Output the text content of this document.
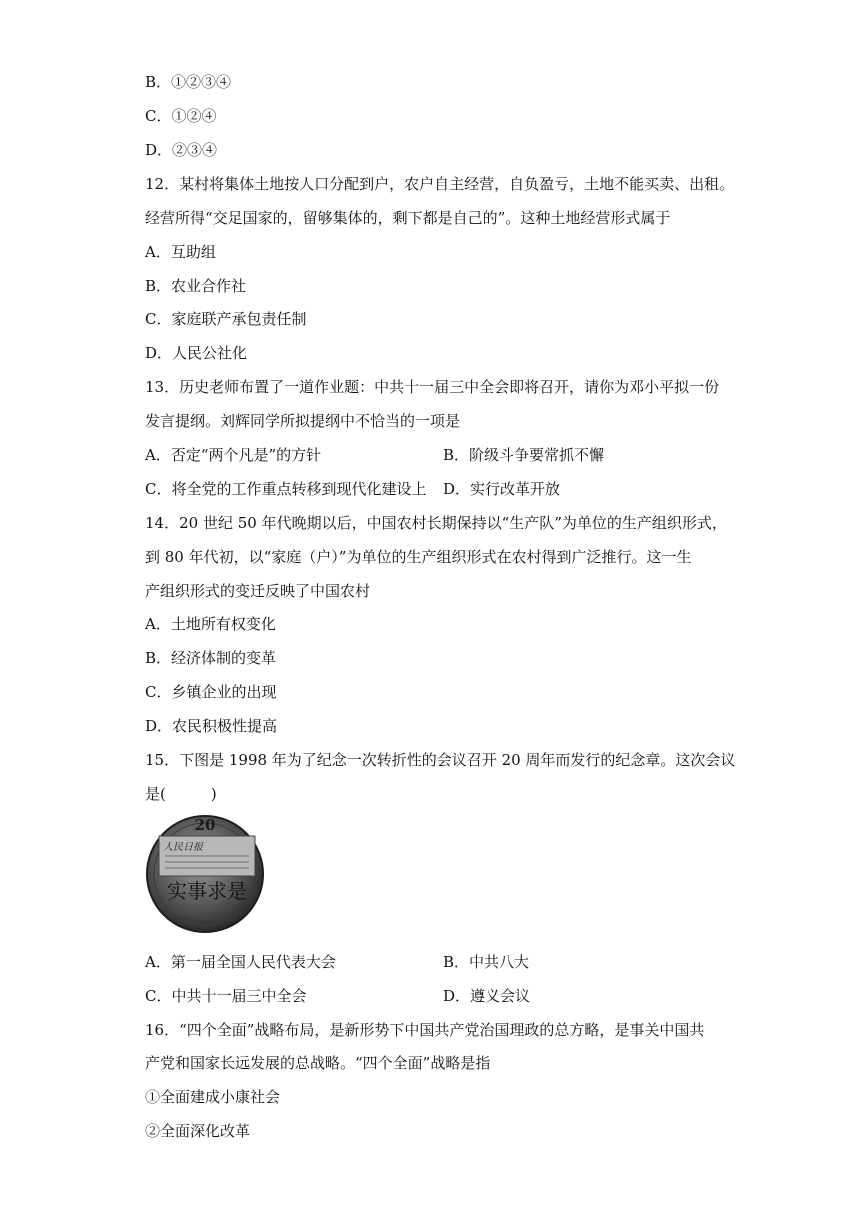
B．①②③④
C．①②④
D．②③④
12．某村将集体土地按人口分配到户，农户自主经营，自负盈亏，土地不能买卖、出租。
经营所得“交足国家的，留够集体的，剩下都是自己的”。这种土地经营形式属于
A．互助组
B．农业合作社
C．家庭联产承包责任制
D．人民公社化
13．历史老师布置了一道作业题：中共十一届三中全会即将召开，请你为邓小平拟一份
发言提纲。刘辉同学所拟提纲中不恰当的一项是
A．否定“两个凡是”的方针	B．阶级斗争要常抓不懈
C．将全党的工作重点转移到现代化建设上 D．实行改革开放
14．20 世纪 50 年代晚期以后，中国农村长期保持以“生产队”为单位的生产组织形式，
到 80 年代初，以“家庭（户）”为单位的生产组织形式在农村得到广泛推行。这一生
产组织形式的变迁反映了中国农村
A．土地所有权变化
B．经济体制的变革
C．乡镇企业的出现
D．农民积极性提高
15．下图是 1998 年为了纪念一次转折性的会议召开 20 周年而发行的纪念章。这次会议
是(　　　)
20
人民日报
实事求是
A．第一届全国人民代表大会	B．中共八大
C．中共十一届三中全会	D．遵义会议
16．“四个全面”战略布局，是新形势下中国共产党治国理政的总方略，是事关中国共
产党和国家长远发展的总战略。“四个全面”战略是指
①全面建成小康社会
②全面深化改革
